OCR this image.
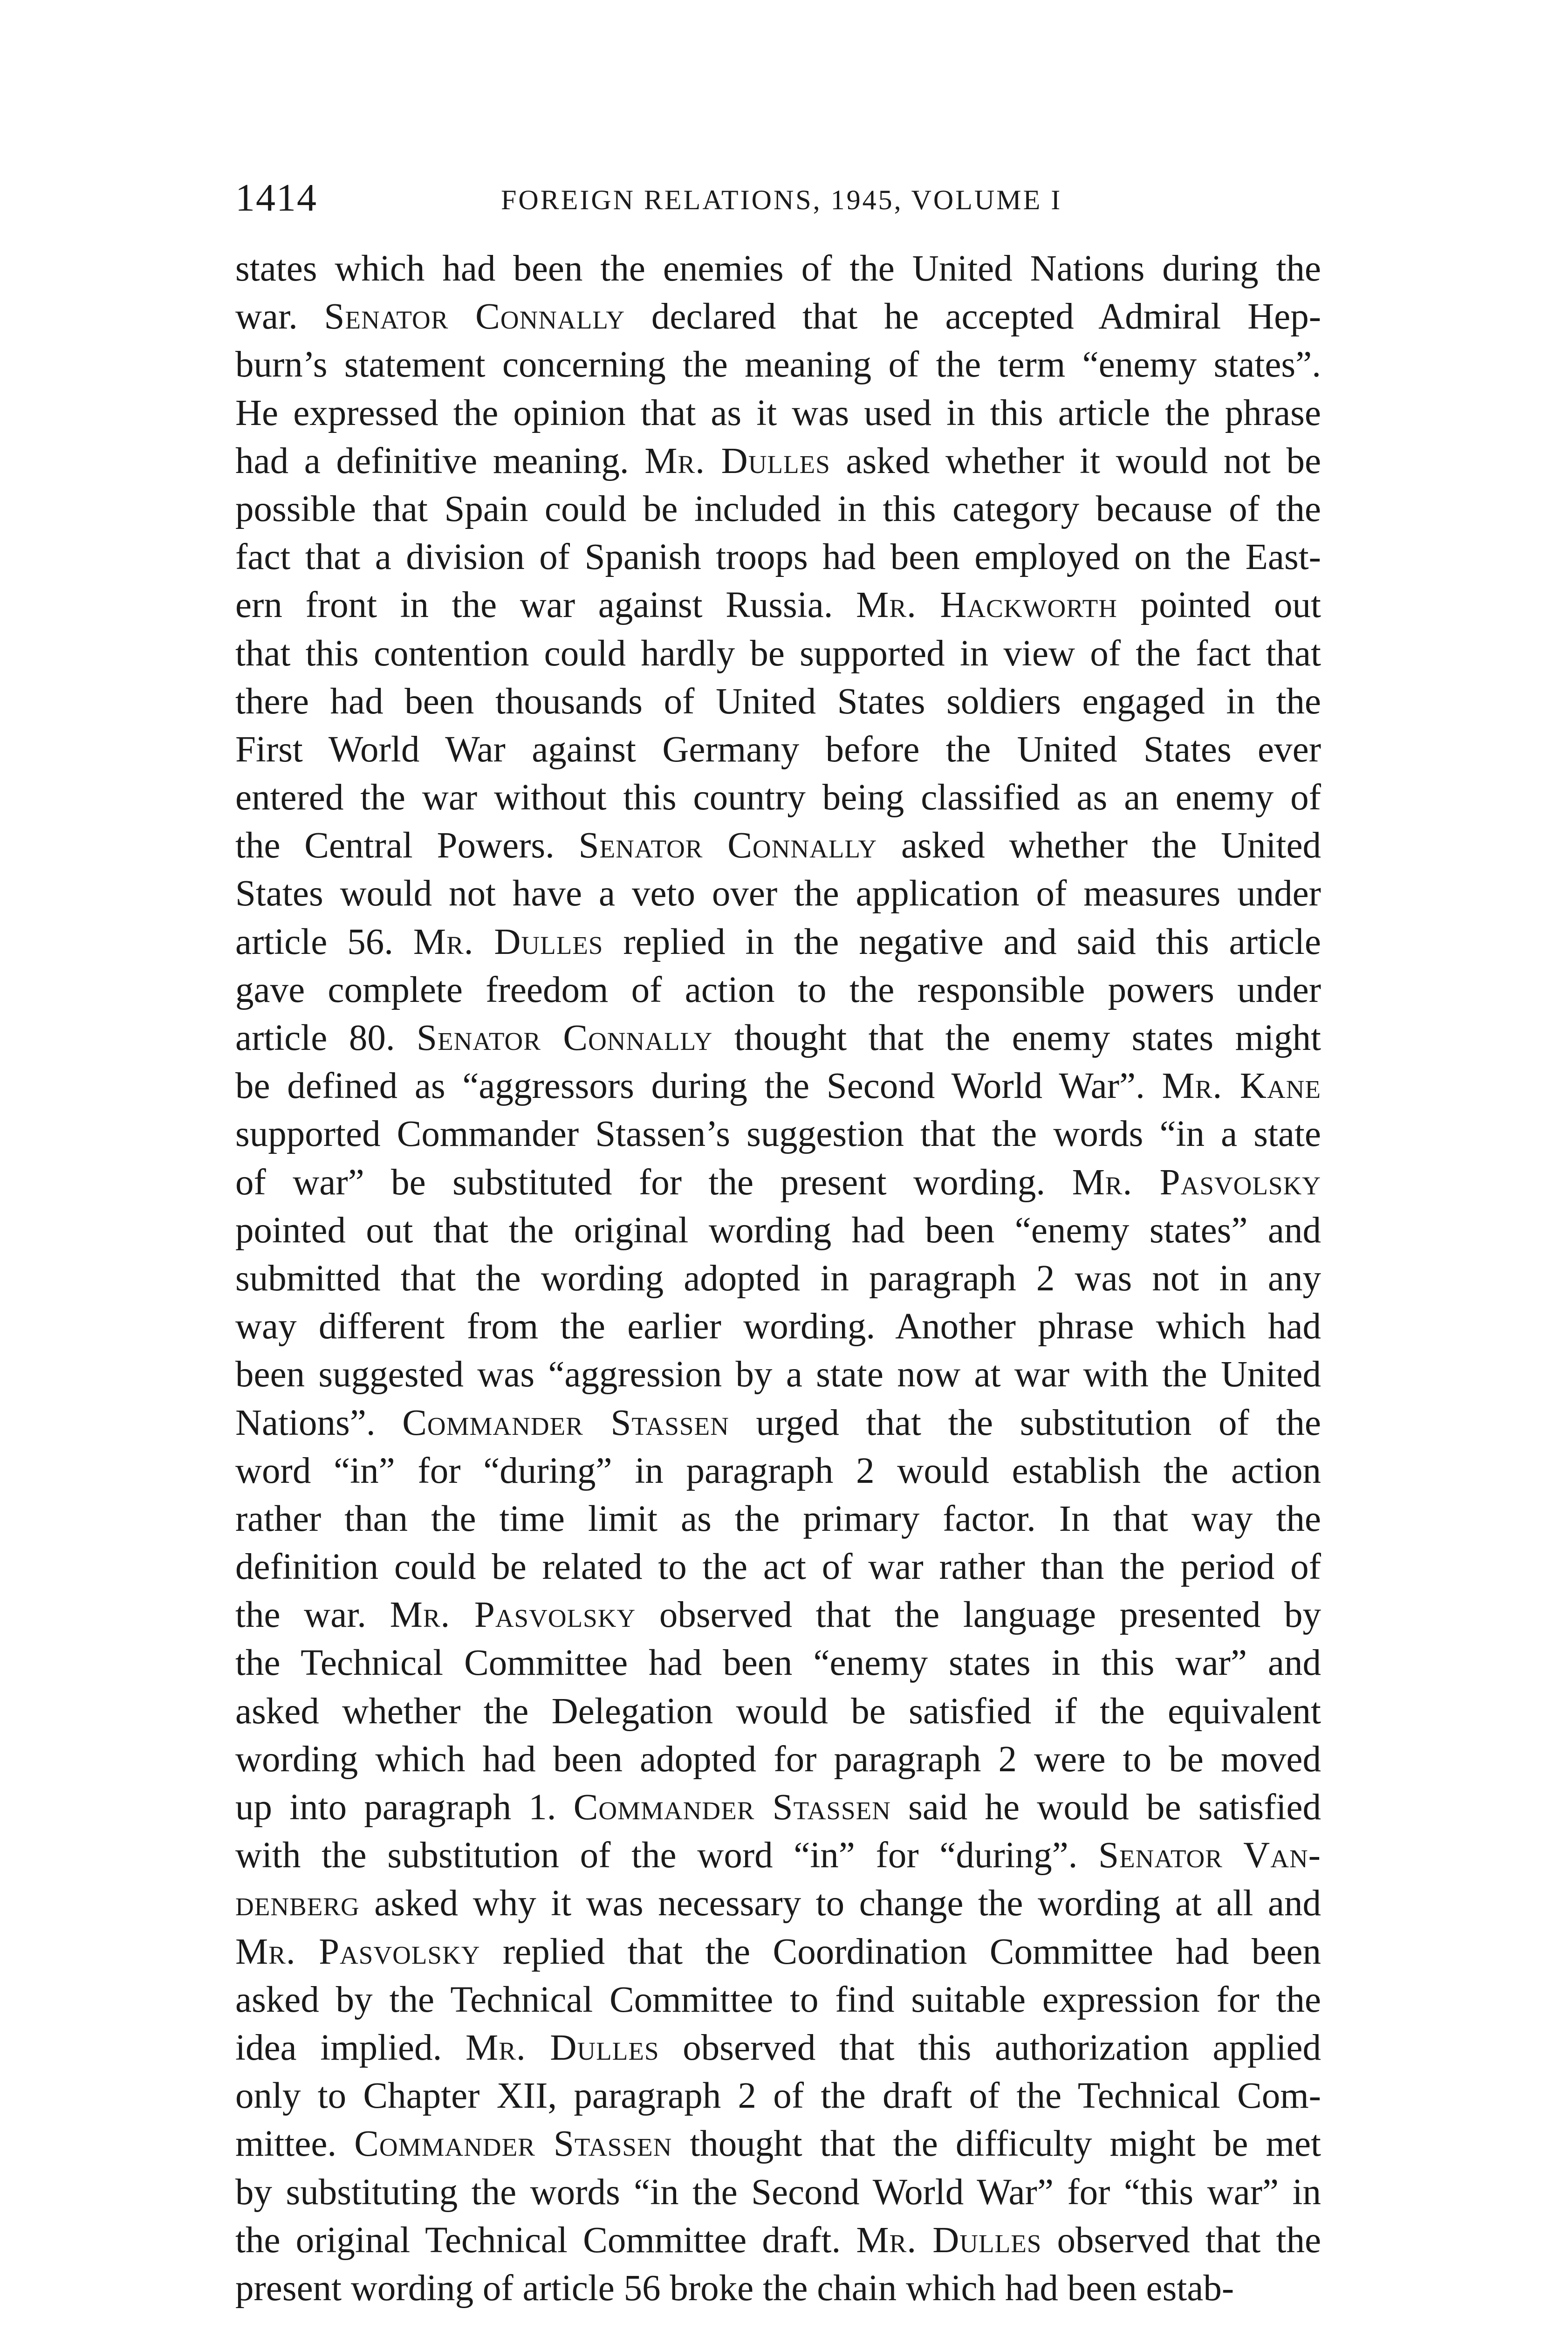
1414	FOREIGN RELATIONS, 1945, VOLUME I
states which had been the enemies of the United Nations during the
war. Senator Connally declared that he accepted Admiral Hep-
burn’s statement concerning the meaning of the term “enemy states”.
He expressed the opinion that as it was used in this article the phrase
had a definitive meaning. Mr. Dulles asked whether it would not be
possible that Spain could be included in this category because of the
fact that a division of Spanish troops had been employed on the East-
ern front in the war against Russia. Mr. Hackworth pointed out
that this contention could hardly be supported in view of the fact that
there had been thousands of United States soldiers engaged in the
First World War against Germany before the United States ever
entered the war without this country being classified as an enemy of
the Central Powers. Senator Connally asked whether the United
States would not have a veto over the application of measures under
article 56. Mr. Dulles replied in the negative and said this article
gave complete freedom of action to the responsible powers under
article 80. Senator Connally thought that the enemy states might
be defined as “aggressors during the Second World War”. Mr. Kane
supported Commander Stassen’s suggestion that the words “in a state
of war” be substituted for the present wording. Mr. Pasvolsky
pointed out that the original wording had been “enemy states” and
submitted that the wording adopted in paragraph 2 was not in any
way different from the earlier wording. Another phrase which had
been suggested was “aggression by a state now at war with the United
Nations”. Commander Stassen urged that the substitution of the
word “in” for “during” in paragraph 2 would establish the action
rather than the time limit as the primary factor. In that way the
definition could be related to the act of war rather than the period of
the war. Mr. Pasvolsky observed that the language presented by
the Technical Committee had been “enemy states in this war” and
asked whether the Delegation would be satisfied if the equivalent
wording which had been adopted for paragraph 2 were to be moved
up into paragraph 1. Commander Stassen said he would be satisfied
with the substitution of the word “in” for “during”. Senator Van-
denberg asked why it was necessary to change the wording at all and
Mr. Pasvolsky replied that the Coordination Committee had been
asked by the Technical Committee to find suitable expression for the
idea implied. Mr. Dulles observed that this authorization applied
only to Chapter XII, paragraph 2 of the draft of the Technical Com-
mittee. Commander Stassen thought that the difficulty might be met
by substituting the words “in the Second World War” for “this war” in
the original Technical Committee draft. Mr. Dulles observed that the
present wording of article 56 broke the chain which had been estab-
